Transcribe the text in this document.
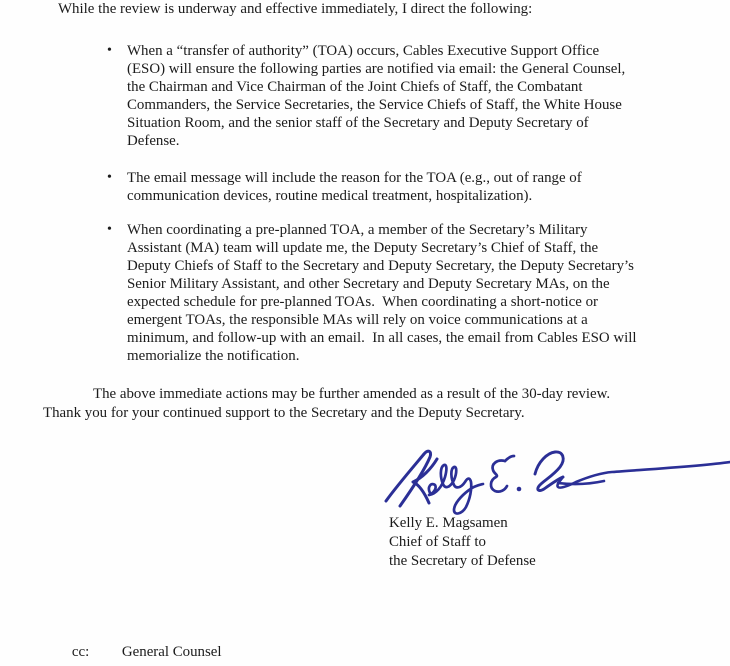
While the review is underway and effective immediately, I direct the following:
• When a “transfer of authority” (TOA) occurs, Cables Executive Support Office
(ESO) will ensure the following parties are notified via email: the General Counsel,
the Chairman and Vice Chairman of the Joint Chiefs of Staff, the Combatant
Commanders, the Service Secretaries, the Service Chiefs of Staff, the White House
Situation Room, and the senior staff of the Secretary and Deputy Secretary of
Defense.
• The email message will include the reason for the TOA (e.g., out of range of
communication devices, routine medical treatment, hospitalization).
• When coordinating a pre-planned TOA, a member of the Secretary’s Military
Assistant (MA) team will update me, the Deputy Secretary’s Chief of Staff, the
Deputy Chiefs of Staff to the Secretary and Deputy Secretary, the Deputy Secretary’s
Senior Military Assistant, and other Secretary and Deputy Secretary MAs, on the
expected schedule for pre-planned TOAs.  When coordinating a short-notice or
emergent TOAs, the responsible MAs will rely on voice communications at a
minimum, and follow-up with an email.  In all cases, the email from Cables ESO will
memorialize the notification.
The above immediate actions may be further amended as a result of the 30-day review.
Thank you for your continued support to the Secretary and the Deputy Secretary.
Kelly E. Magsamen
Chief of Staff to
the Secretary of Defense

cc: General Counsel
